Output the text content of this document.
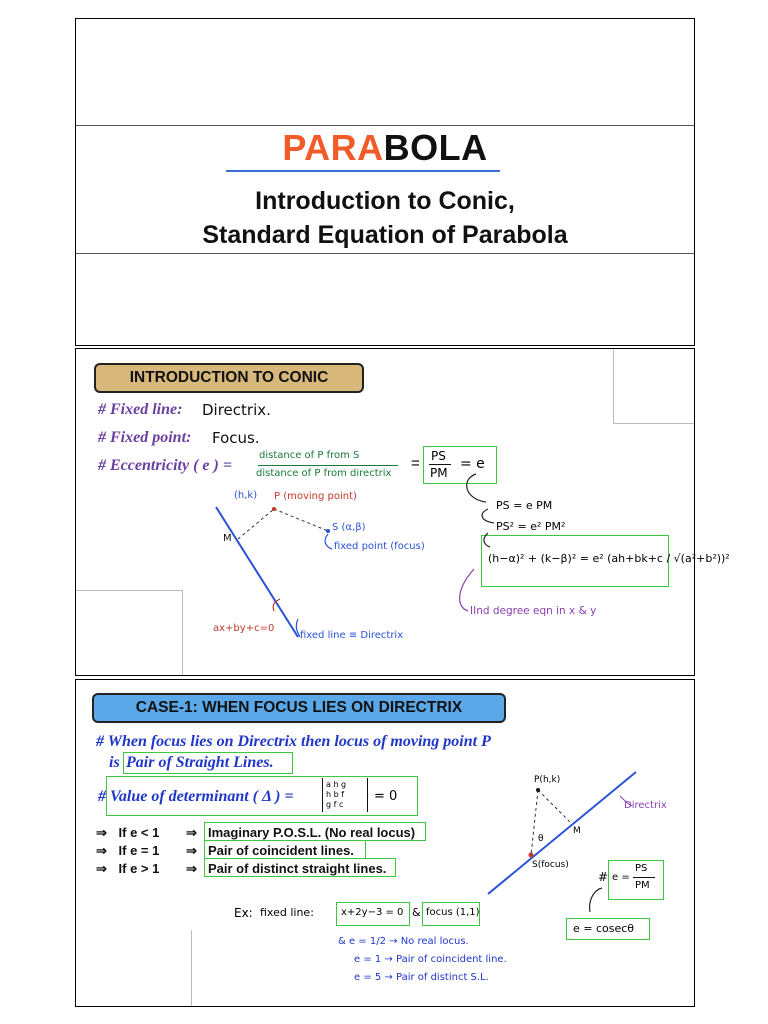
PARABOLA
Introduction to Conic,
Standard Equation of Parabola
INTRODUCTION TO CONIC
# Fixed line: Directrix.
# Fixed point: Focus.
# Eccentricity ( e ) =
distance of P from S
distance of P from directrix
= PS
PM
= e
PS = e PM
PS² = e² PM²
(h−α)² + (k−β)² = e² (ah+bk+c / √(a²+b²))²
(h,k) P (moving point)
M
S (α,β)
fixed point (focus)
ax+by+c=0
fixed line ≡ Directrix
IInd degree eqn in x & y
CASE-1: WHEN FOCUS LIES ON DIRECTRIX
# When focus lies on Directrix then locus of moving point P
is Pair of Straight Lines.
# Value of determinant ( Δ ) =
a h g
h b f
g f c
= 0
⇒ If e < 1 ⇒ Imaginary P.O.S.L. (No real locus)
⇒ If e = 1 ⇒ Pair of coincident lines.
⇒ If e > 1 ⇒ Pair of distinct straight lines.
P(h,k)
M
θ
S(focus)
Directrix
# e =
PS
PM
e = cosecθ
Ex: fixed line:	x+2y−3 = 0 & focus (1,1)
& e = 1/2 → No real locus.
e = 1 → Pair of coincident line.
e = 5 → Pair of distinct S.L.
